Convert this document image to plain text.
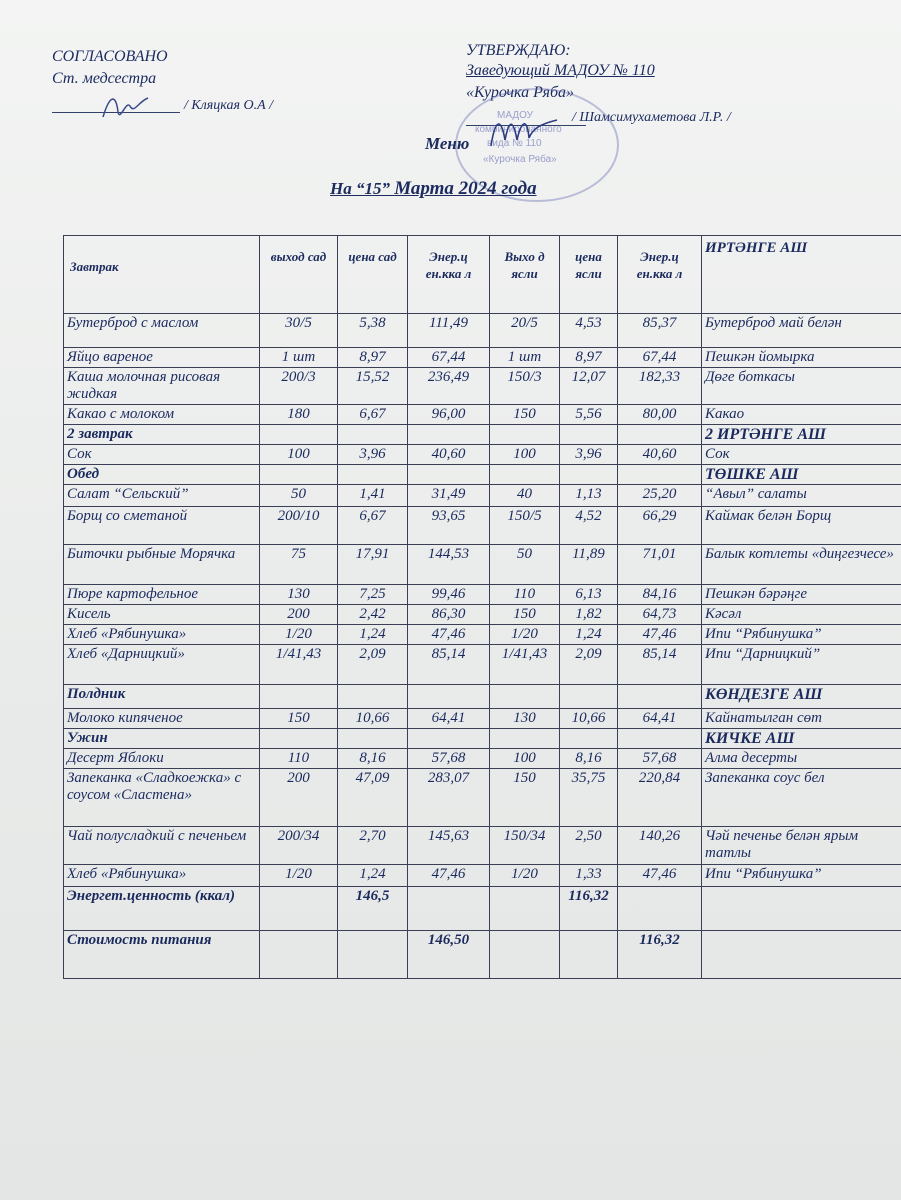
СОГЛАСОВАНО
Ст. медсестра
/ Кляцкая О.А /
УТВЕРЖДАЮ:
Заведующий МАДОУ № 110
«Курочка Ряба»
/ Шамсимухаметова Л.Р. /
МАДОУ
комбинированного
вида № 110
«Курочка Ряба»
Меню
На “15” Марта 2024 года
Завтрак	выход сад	цена сад	Энер.ц ен.кка л	Выхо д ясли	цена ясли	Энер.ц ен.кка л	ИРТӘНГЕ АШ
Бутерброд с маслом	30/5	5,38	111,49	20/5	4,53	85,37	Бутерброд май белән
Яйцо вареное	1 шт	8,97	67,44	1 шт	8,97	67,44	Пешкән йомырка
Каша молочная рисовая жидкая	200/3	15,52	236,49	150/3	12,07	182,33	Дөге боткасы
Какао с молоком	180	6,67	96,00	150	5,56	80,00	Какао
2 завтрак							2 ИРТӘНГЕ АШ
Сок	100	3,96	40,60	100	3,96	40,60	Сок
Обед							ТӨШКЕ АШ
Салат “Сельский”	50	1,41	31,49	40	1,13	25,20	“Авыл” салаты
Борщ со сметаной	200/10	6,67	93,65	150/5	4,52	66,29	Каймак белән Борщ
Биточки рыбные Морячка	75	17,91	144,53	50	11,89	71,01	Балык котлеты «диңгезчесе»
Пюре картофельное	130	7,25	99,46	110	6,13	84,16	Пешкән бәрәңге
Кисель	200	2,42	86,30	150	1,82	64,73	Кәсәл
Хлеб «Рябинушка»	1/20	1,24	47,46	1/20	1,24	47,46	Ипи “Рябинушка”
Хлеб «Дарницкий»	1/41,43	2,09	85,14	1/41,43	2,09	85,14	Ипи “Дарницкий”
Полдник							КӨНДЕЗГЕ АШ
Молоко кипяченое	150	10,66	64,41	130	10,66	64,41	Кайнатылган сөт
Ужин							КИЧКЕ АШ
Десерт Яблоки	110	8,16	57,68	100	8,16	57,68	Алма десерты
Запеканка «Сладкоежка» с соусом «Сластена»	200	47,09	283,07	150	35,75	220,84	Запеканка соус бел
Чай полусладкий с печеньем	200/34	2,70	145,63	150/34	2,50	140,26	Чәй печенье белән ярым татлы
Хлеб «Рябинушка»	1/20	1,24	47,46	1/20	1,33	47,46	Ипи “Рябинушка”
Энергет.ценность (ккал)		146,5			116,32		
Стоимость питания			146,50			116,32	
